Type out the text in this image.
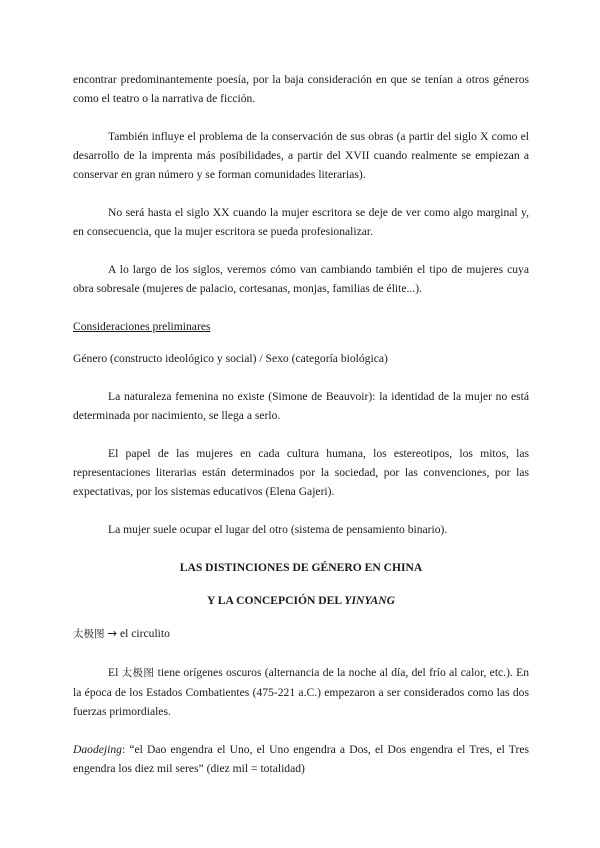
encontrar predominantemente poesía, por la baja consideración en que se tenían a otros géneros como el teatro o la narrativa de ficción.

También influye el problema de la conservación de sus obras (a partir del siglo X como el desarrollo de la imprenta más posibilidades, a partir del XVII cuando realmente se empiezan a conservar en gran número y se forman comunidades literarias).

No será hasta el siglo XX cuando la mujer escritora se deje de ver como algo marginal y, en consecuencia, que la mujer escritora se pueda profesionalizar.

A lo largo de los siglos, veremos cómo van cambiando también el tipo de mujeres cuya obra sobresale (mujeres de palacio, cortesanas, monjas, familias de élite...).

Consideraciones preliminares

Género (constructo ideológico y social) / Sexo (categoría biológica)

La naturaleza femenina no existe (Simone de Beauvoir): la identidad de la mujer no está determinada por nacimiento, se llega a serlo.

El papel de las mujeres en cada cultura humana, los estereotipos, los mitos, las representaciones literarias están determinados por la sociedad, por las convenciones, por las expectativas, por los sistemas educativos (Elena Gajeri).

La mujer suele ocupar el lugar del otro (sistema de pensamiento binario).

LAS DISTINCIONES DE GÉNERO EN CHINA
Y LA CONCEPCIÓN DEL YINYANG

太极图 → el circulito

El 太极图 tiene orígenes oscuros (alternancia de la noche al día, del frío al calor, etc.). En la época de los Estados Combatientes (475-221 a.C.) empezaron a ser considerados como las dos fuerzas primordiales.

Daodejing: “el Dao engendra el Uno, el Uno engendra a Dos, el Dos engendra el Tres, el Tres engendra los diez mil seres” (diez mil = totalidad)
